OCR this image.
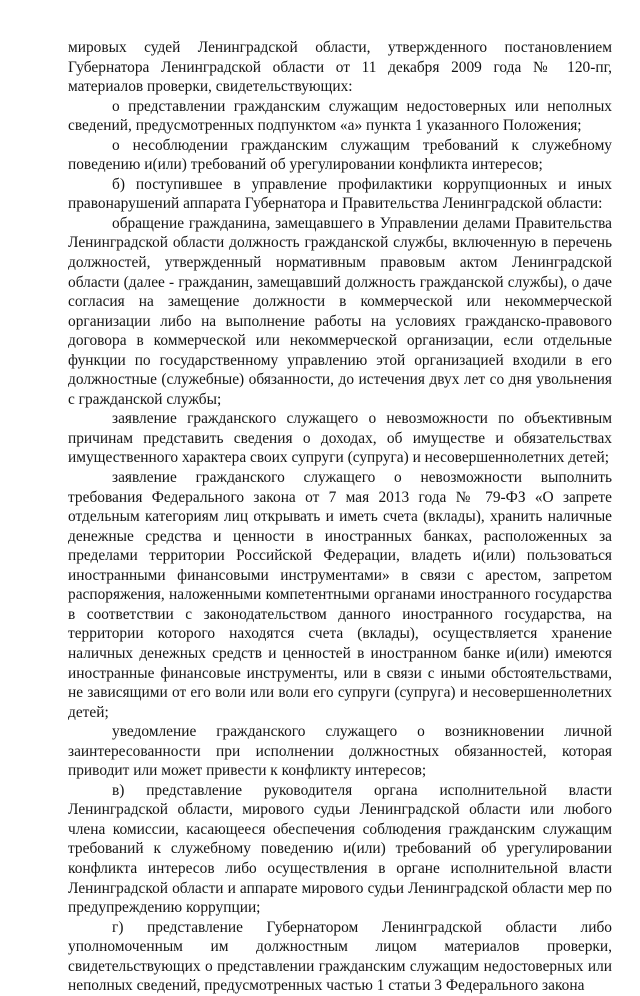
мировых судей Ленинградской области, утвержденного постановлением Губернатора Ленинградской области от 11 декабря 2009 года № 120-пг, материалов проверки, свидетельствующих:

о представлении гражданским служащим недостоверных или неполных сведений, предусмотренных подпунктом «а» пункта 1 указанного Положения;

о несоблюдении гражданским служащим требований к служебному поведению и(или) требований об урегулировании конфликта интересов;

б) поступившее в управление профилактики коррупционных и иных правонарушений аппарата Губернатора и Правительства Ленинградской области:

обращение гражданина, замещавшего в Управлении делами Правительства Ленинградской области должность гражданской службы, включенную в перечень должностей, утвержденный нормативным правовым актом Ленинградской области (далее - гражданин, замещавший должность гражданской службы), о даче согласия на замещение должности в коммерческой или некоммерческой организации либо на выполнение работы на условиях гражданско-правового договора в коммерческой или некоммерческой организации, если отдельные функции по государственному управлению этой организацией входили в его должностные (служебные) обязанности, до истечения двух лет со дня увольнения с гражданской службы;

заявление гражданского служащего о невозможности по объективным причинам представить сведения о доходах, об имуществе и обязательствах имущественного характера своих супруги (супруга) и несовершеннолетних детей;

заявление гражданского служащего о невозможности выполнить требования Федерального закона от 7 мая 2013 года № 79-ФЗ «О запрете отдельным категориям лиц открывать и иметь счета (вклады), хранить наличные денежные средства и ценности в иностранных банках, расположенных за пределами территории Российской Федерации, владеть и(или) пользоваться иностранными финансовыми инструментами» в связи с арестом, запретом распоряжения, наложенными компетентными органами иностранного государства в соответствии с законодательством данного иностранного государства, на территории которого находятся счета (вклады), осуществляется хранение наличных денежных средств и ценностей в иностранном банке и(или) имеются иностранные финансовые инструменты, или в связи с иными обстоятельствами, не зависящими от его воли или воли его супруги (супруга) и несовершеннолетних детей;

уведомление гражданского служащего о возникновении личной заинтересованности при исполнении должностных обязанностей, которая приводит или может привести к конфликту интересов;

в) представление руководителя органа исполнительной власти Ленинградской области, мирового судьи Ленинградской области или любого члена комиссии, касающееся обеспечения соблюдения гражданским служащим требований к служебному поведению и(или) требований об урегулировании конфликта интересов либо осуществления в органе исполнительной власти Ленинградской области и аппарате мирового судьи Ленинградской области мер по предупреждению коррупции;

г) представление Губернатором Ленинградской области либо уполномоченным им должностным лицом материалов проверки, свидетельствующих о представлении гражданским служащим недостоверных или неполных сведений, предусмотренных частью 1 статьи 3 Федерального закона
